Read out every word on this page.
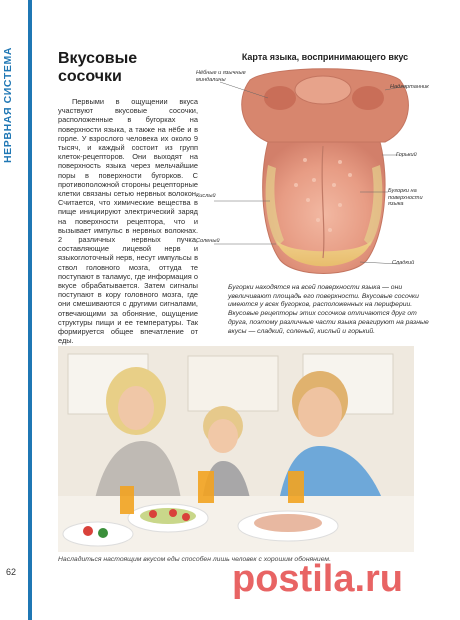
НЕРВНАЯ СИСТЕМА
62
Вкусовые сосочки
Первыми в ощущении вкуса участвуют вкусовые сосочки, расположенные в бугорках на поверхности языка, а также на нёбе и в горле. У взрослого человека их около 9 тысяч, и каждый состоит из групп клеток-рецепторов. Они выходят на поверхность языка через мельчайшие поры в поверхности бугорков. С противоположной стороны рецепторные клетки связаны сетью нервных волокон. Считается, что химические вещества в пище инициируют электрический заряд на поверхности рецептора, что и вызывает импульс в нервных волокнах. 2 различных нервных пучка, составляющие лицевой нерв и языкоглоточный нерв, несут импульсы в ствол головного мозга, оттуда те поступают в таламус, где информация о вкусе обрабатывается. Затем сигналы поступают в кору головного мозга, где они смешиваются с другими сигналами, отвечающими за обоняние, ощущение структуры пищи и ее температуры. Так формируется общее впечатление от еды.
Карта языка, воспринимающего вкус
Нёбные и язычные миндалины
Надгортанник
Горький
Бугорки на поверхности языка
Кислый
Соленый
Сладкий
Бугорки находятся на всей поверхности языка — они увеличивают площадь его поверхности. Вкусовые сосочки имеются у всех бугорков, расположенных на периферии. Вкусовые рецепторы этих сосочков отличаются друг от друга, поэтому различные части языка реагируют на разные вкусы — сладкий, соленый, кислый и горький.
Насладиться настоящим вкусом еды способен лишь человек с хорошим обонянием.
postila.ru
